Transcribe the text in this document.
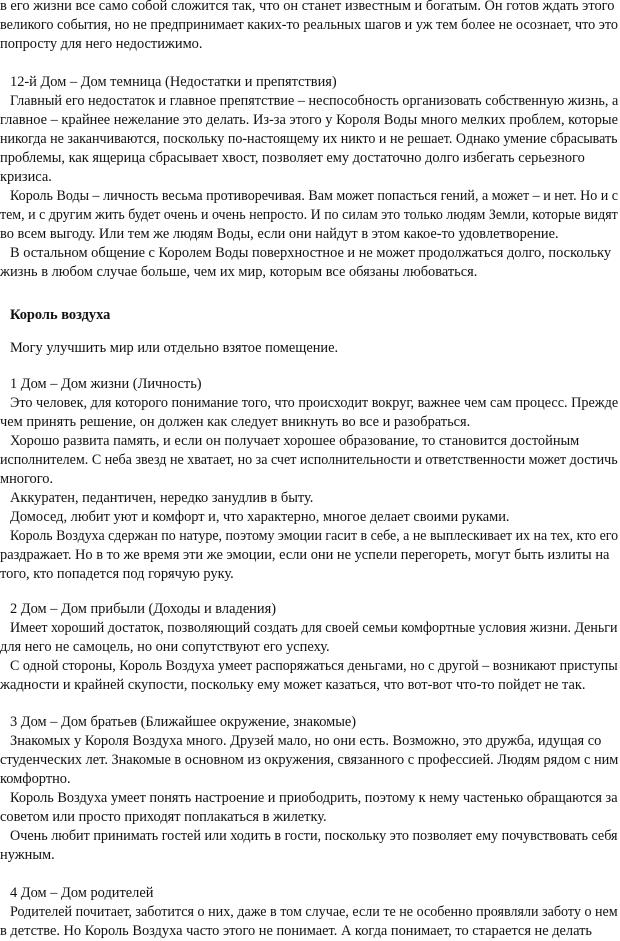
в его жизни все само собой сложится так, что он станет известным и богатым. Он готов ждать этого
великого события, но не предпринимает каких-то реальных шагов и уж тем более не осознает, что это
попросту для него недостижимо.
12-й Дом – Дом темница (Недостатки и препятствия)
Главный его недостаток и главное препятствие – неспособность организовать собственную жизнь, а
главное – крайнее нежелание это делать. Из-за этого у Короля Воды много мелких проблем, которые
никогда не заканчиваются, поскольку по-настоящему их никто и не решает. Однако умение сбрасывать
проблемы, как ящерица сбрасывает хвост, позволяет ему достаточно долго избегать серьезного
кризиса.
Король Воды – личность весьма противоречивая. Вам может попасться гений, а может – и нет. Но и с
тем, и с другим жить будет очень и очень непросто. И по силам это только людям Земли, которые видят
во всем выгоду. Или тем же людям Воды, если они найдут в этом какое-то удовлетворение.
В остальном общение с Королем Воды поверхностное и не может продолжаться долго, поскольку
жизнь в любом случае больше, чем их мир, которым все обязаны любоваться.
Король воздуха
Могу улучшить мир или отдельно взятое помещение.
1 Дом – Дом жизни (Личность)
Это человек, для которого понимание того, что происходит вокруг, важнее чем сам процесс. Прежде
чем принять решение, он должен как следует вникнуть во все и разобраться.
Хорошо развита память, и если он получает хорошее образование, то становится достойным
исполнителем. С неба звезд не хватает, но за счет исполнительности и ответственности может достичь
многого.
Аккуратен, педантичен, нередко занудлив в быту.
Домосед, любит уют и комфорт и, что характерно, многое делает своими руками.
Король Воздуха сдержан по натуре, поэтому эмоции гасит в себе, а не выплескивает их на тех, кто его
раздражает. Но в то же время эти же эмоции, если они не успели перегореть, могут быть излиты на
того, кто попадется под горячую руку.
2 Дом – Дом прибыли (Доходы и владения)
Имеет хороший достаток, позволяющий создать для своей семьи комфортные условия жизни. Деньги
для него не самоцель, но они сопутствуют его успеху.
С одной стороны, Король Воздуха умеет распоряжаться деньгами, но с другой – возникают приступы
жадности и крайней скупости, поскольку ему может казаться, что вот-вот что-то пойдет не так.
3 Дом – Дом братьев (Ближайшее окружение, знакомые)
Знакомых у Короля Воздуха много. Друзей мало, но они есть. Возможно, это дружба, идущая со
студенческих лет. Знакомые в основном из окружения, связанного с профессией. Людям рядом с ним
комфортно.
Король Воздуха умеет понять настроение и приободрить, поэтому к нему частенько обращаются за
советом или просто приходят поплакаться в жилетку.
Очень любит принимать гостей или ходить в гости, поскольку это позволяет ему почувствовать себя
нужным.
4 Дом – Дом родителей
Родителей почитает, заботится о них, даже в том случае, если те не особенно проявляли заботу о нем
в детстве. Но Король Воздуха часто этого не понимает. А когда понимает, то старается не делать
